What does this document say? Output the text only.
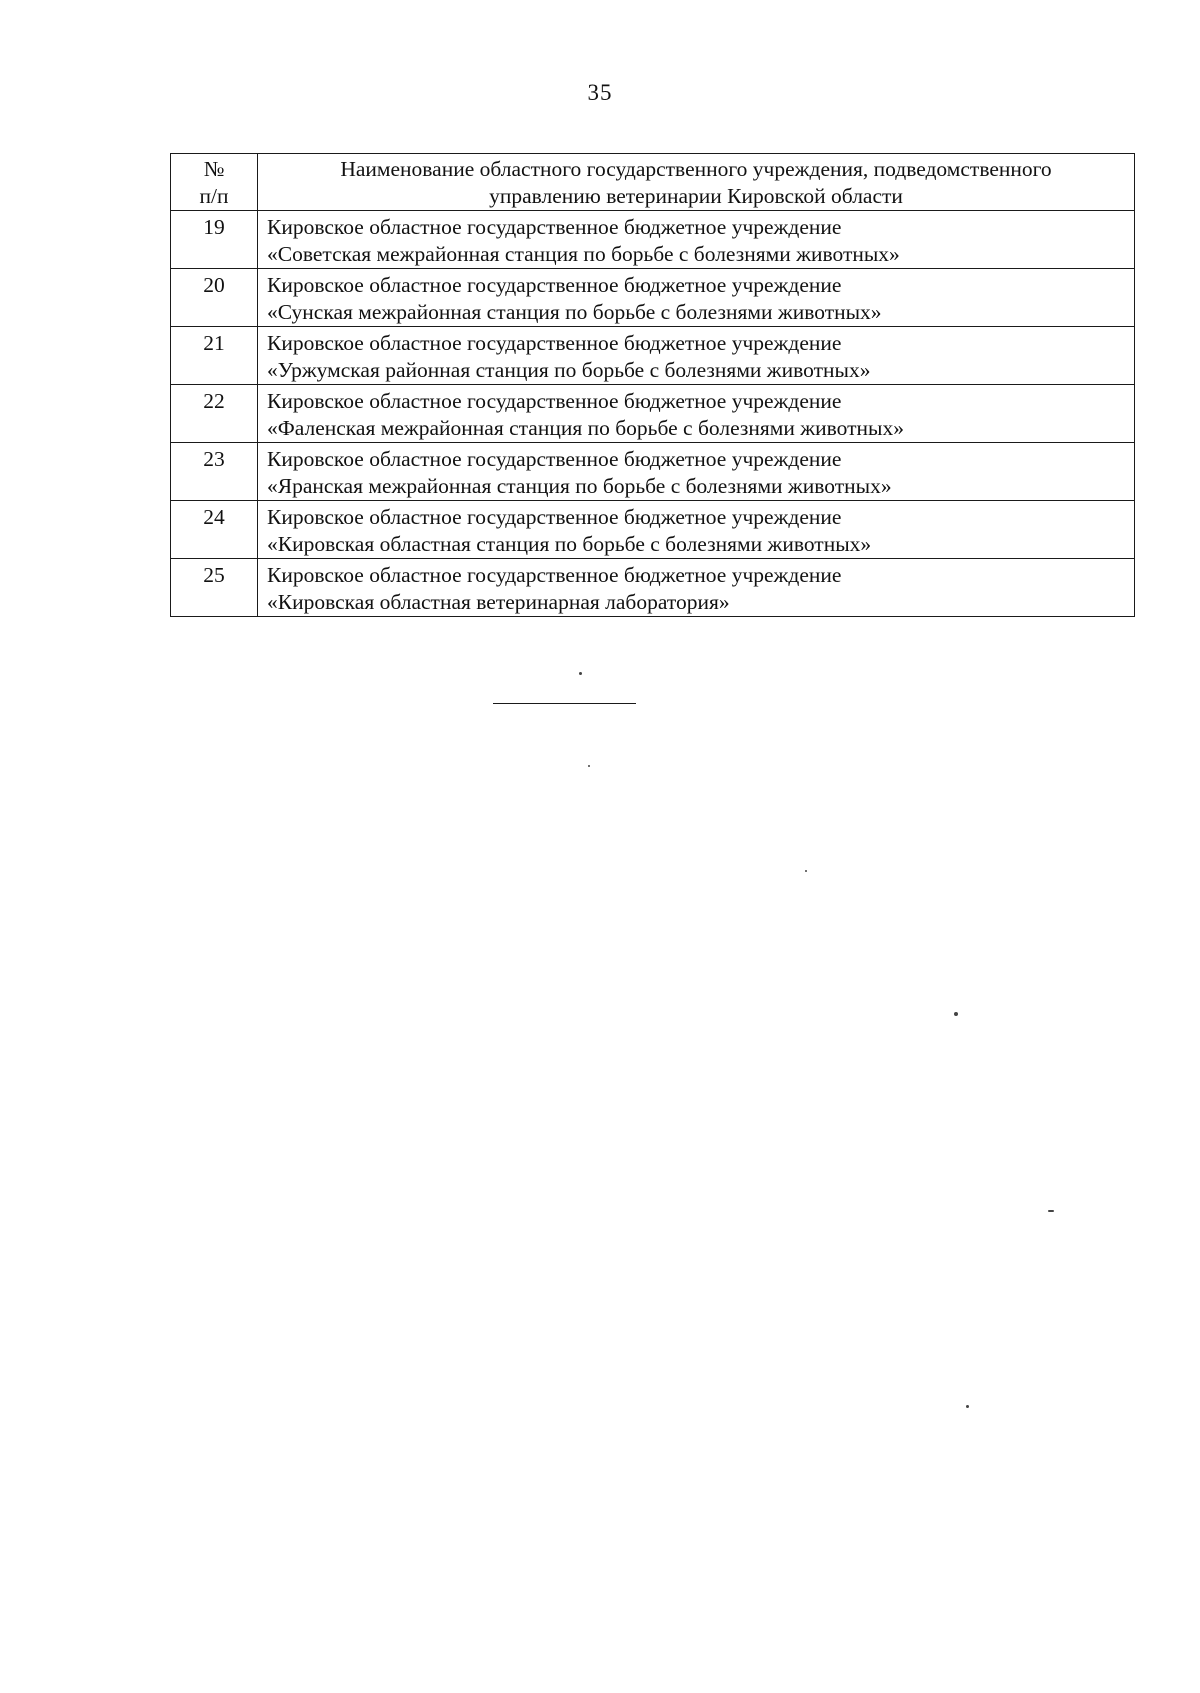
35
№
п/п	Наименование областного государственного учреждения, подведомственного
управлению ветеринарии Кировской области

19	Кировское областное государственное бюджетное учреждение
«Советская межрайонная станция по борьбе с болезнями животных»

20	Кировское областное государственное бюджетное учреждение
«Сунская межрайонная станция по борьбе с болезнями животных»

21	Кировское областное государственное бюджетное учреждение
«Уржумская районная станция по борьбе с болезнями животных»

22	Кировское областное государственное бюджетное учреждение
«Фаленская межрайонная станция по борьбе с болезнями животных»

23	Кировское областное государственное бюджетное учреждение
«Яранская межрайонная станция по борьбе с болезнями животных»

24	Кировское областное государственное бюджетное учреждение
«Кировская областная станция по борьбе с болезнями животных»

25	Кировское областное государственное бюджетное учреждение
«Кировская областная ветеринарная лаборатория»
